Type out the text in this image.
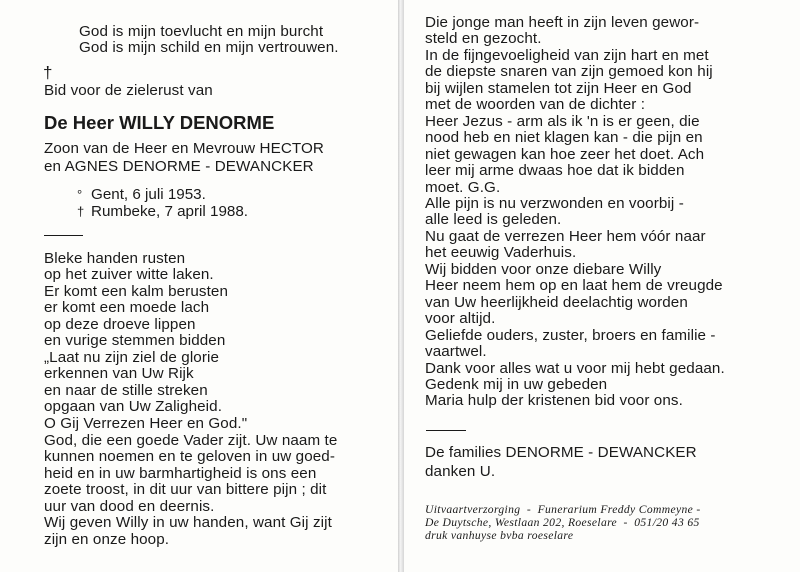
God is mijn toevlucht en mijn burcht
God is mijn schild en mijn vertrouwen.
†
Bid voor de zielerust van
De Heer WILLY DENORME
Zoon van de Heer en Mevrouw HECTOR
en AGNES DENORME - DEWANCKER
° Gent, 6 juli 1953.
† Rumbeke, 7 april 1988.
Bleke handen rusten
op het zuiver witte laken.
Er komt een kalm berusten
er komt een moede lach
op deze droeve lippen
en vurige stemmen bidden
„Laat nu zijn ziel de glorie
erkennen van Uw Rijk
en naar de stille streken
opgaan van Uw Zaligheid.
O Gij Verrezen Heer en God."
God, die een goede Vader zijt. Uw naam te
kunnen noemen en te geloven in uw goed-
heid en in uw barmhartigheid is ons een
zoete troost, in dit uur van bittere pijn ; dit
uur van dood en deernis.
Wij geven Willy in uw handen, want Gij zijt
zijn en onze hoop.
Die jonge man heeft in zijn leven gewor-
steld en gezocht.
In de fijngevoeligheid van zijn hart en met
de diepste snaren van zijn gemoed kon hij
bij wijlen stamelen tot zijn Heer en God
met de woorden van de dichter :
Heer Jezus - arm als ik 'n is er geen, die
nood heb en niet klagen kan - die pijn en
niet gewagen kan hoe zeer het doet. Ach
leer mij arme dwaas hoe dat ik bidden
moet. G.G.
Alle pijn is nu verzwonden en voorbij -
alle leed is geleden.
Nu gaat de verrezen Heer hem vóór naar
het eeuwig Vaderhuis.
Wij bidden voor onze diebare Willy
Heer neem hem op en laat hem de vreugde
van Uw heerlijkheid deelachtig worden
voor altijd.
Geliefde ouders, zuster, broers en familie -
vaartwel.
Dank voor alles wat u voor mij hebt gedaan.
Gedenk mij in uw gebeden
Maria hulp der kristenen bid voor ons.
De families DENORME - DEWANCKER
danken U.
Uitvaartverzorging  -  Funerarium Freddy Commeyne -
De Duytsche, Westlaan 202, Roeselare  -  051/20 43 65
druk vanhuyse bvba roeselare
